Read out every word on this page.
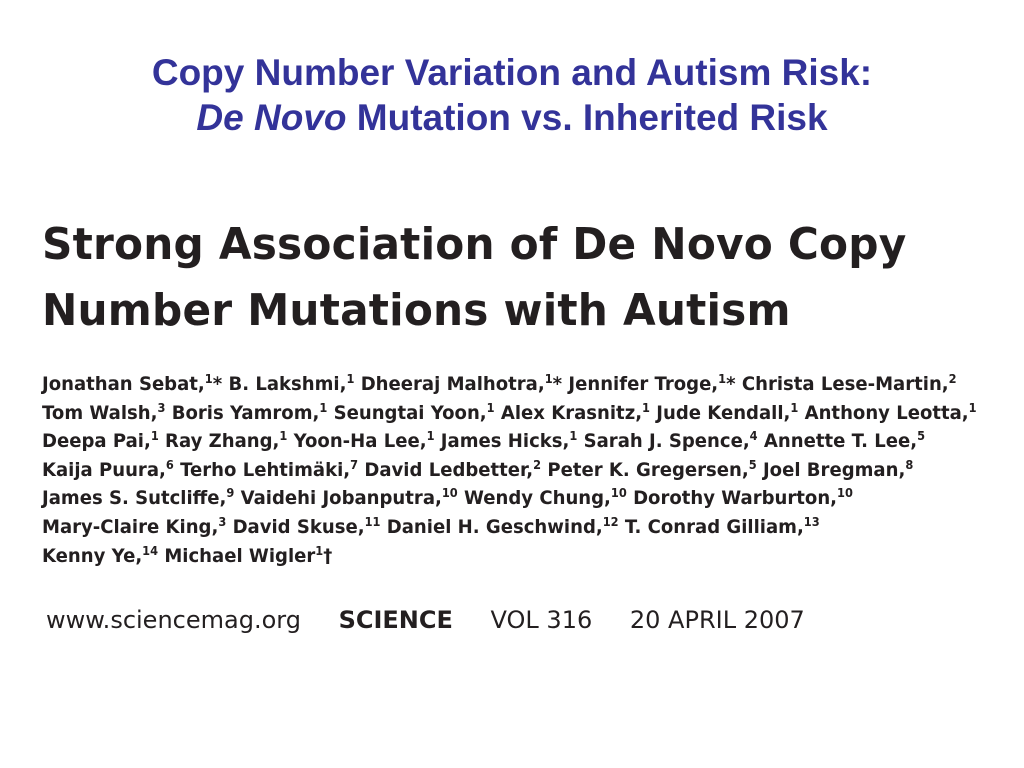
Copy Number Variation and Autism Risk:
De Novo Mutation vs. Inherited Risk
Strong Association of De Novo Copy
Number Mutations with Autism
Jonathan Sebat,$^1$* B. Lakshmi,$^1$ Dheeraj Malhotra,$^1$* Jennifer Troge,$^1$* Christa Lese-Martin,$^2$
Tom Walsh,$^3$ Boris Yamrom,$^1$ Seungtai Yoon,$^1$ Alex Krasnitz,$^1$ Jude Kendall,$^1$ Anthony Leotta,$^1$
Deepa Pai,$^1$ Ray Zhang,$^1$ Yoon-Ha Lee,$^1$ James Hicks,$^1$ Sarah J. Spence,$^4$ Annette T. Lee,$^5$
Kaija Puura,$^6$ Terho Lehtimäki,$^7$ David Ledbetter,$^2$ Peter K. Gregersen,$^5$ Joel Bregman,$^8$
James S. Sutcliffe,$^9$ Vaidehi Jobanputra,$^{10}$ Wendy Chung,$^{10}$ Dorothy Warburton,$^{10}$
Mary-Claire King,$^3$ David Skuse,$^{11}$ Daniel H. Geschwind,$^{12}$ T. Conrad Gilliam,$^{13}$
Kenny Ye,$^{14}$ Michael Wigler$^1$†
www.sciencemag.org SCIENCE VOL 316 20 APRIL 2007
